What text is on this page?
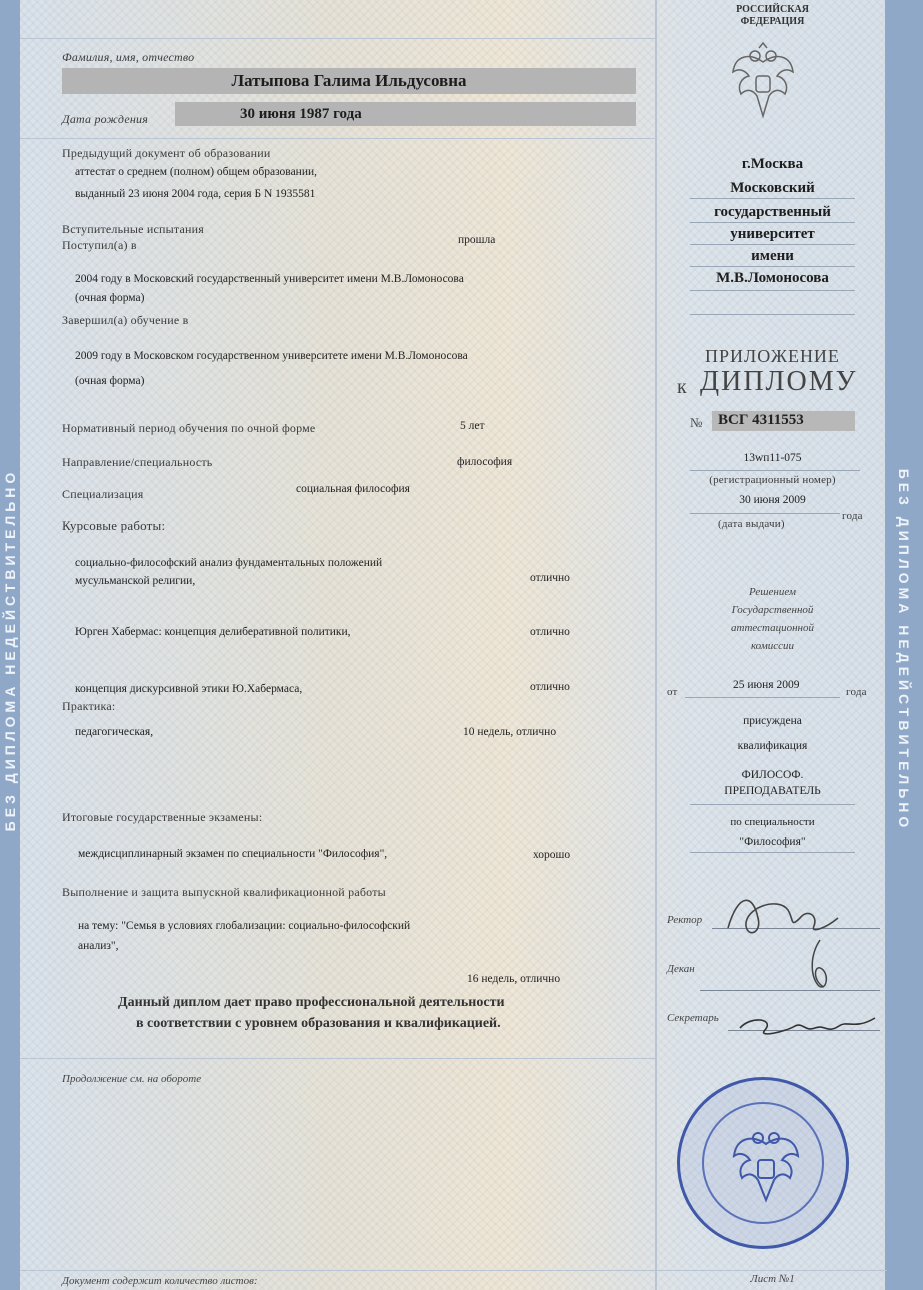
БЕЗ ДИПЛОМА НЕДЕЙСТВИТЕЛЬНО	БЕЗ ДИПЛОМА НЕДЕЙСТВИТЕЛЬНО
Фамилия, имя, отчество
Латыпова Галима Ильдусовна
Дата рождения	30 июня 1987 года
Предыдущий документ об образовании
аттестат о среднем (полном) общем образовании,
выданный 23 июня 2004 года, серия Б N 1935581
Вступительные испытания
Поступил(а) в	прошла
2004 году в Московский государственный университет имени М.В.Ломоносова
(очная форма)
Завершил(а) обучение в
2009 году в Московском государственном университете имени М.В.Ломоносова
(очная форма)
Нормативный период обучения по очной форме	5 лет
Направление/специальность	философия
Специализация	социальная философия
Курсовые работы:
социально-философский анализ фундаментальных положений
мусульманской религии,	отлично
Юрген Хабермас: концепция делиберативной политики,	отлично
концепция дискурсивной этики Ю.Хабермаса,	отлично
Практика:
педагогическая,	10 недель, отлично
Итоговые государственные экзамены:
междисциплинарный экзамен по специальности "Философия",	хорошо
Выполнение и защита выпускной квалификационной работы
на тему: "Семья в условиях глобализации: социально-философский
анализ",
16 недель, отлично
Данный диплом дает право профессиональной деятельности
в соответствии с уровнем образования и квалификацией.
Продолжение см. на обороте
Документ содержит количество листов:
РОССИЙСКАЯ
ФЕДЕРАЦИЯ
г.Москва
Московский
государственный
университет
имени
М.В.Ломоносова
ПРИЛОЖЕНИЕ
к ДИПЛОМУ
№ ВСГ 4311553
13wп11-075
(регистрационный номер)
30 июня 2009
года
(дата выдачи)
Решением
Государственной
аттестационной
комиссии
от
25 июня 2009
года
присуждена
квалификация
ФИЛОСОФ.
ПРЕПОДАВАТЕЛЬ
по специальности
"Философия"
Ректор
Декан
Секретарь
Лист №1
